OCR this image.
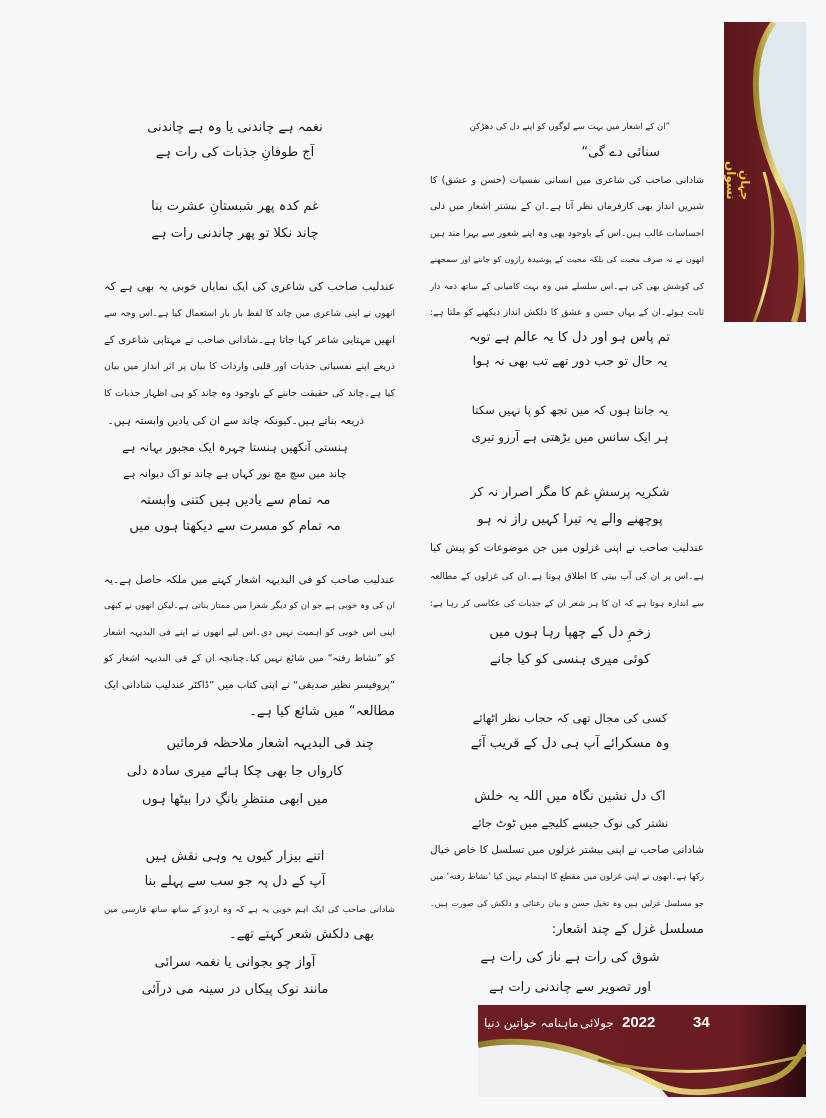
جہانِ نسواں
”ان کے اشعار میں بہت سے لوگوں کو اپنے دل کی دھڑکن
سنائی دے گی“
شادانی صاحب کی شاعری میں انسانی نفسیات (حسن و عشق) کا
شیریں انداز بھی کارفرماں نظر آتا ہے۔ان کے بیشتر اشعار میں دلی
احساسات غالب ہیں۔اس کے باوجود بھی وہ اپنے شعور سے بہرا مند ہیں
انھوں نے نہ صرف محبت کی بلکہ محبت کے پوشیدہ رازوں کو جاننے اور سمجھنے
کی کوشش بھی کی ہے۔اس سلسلے میں وہ بہت کامیابی کے ساتھ ذمہ دار
ثابت ہوئے۔ان کے یہاں حسن و عشق کا دلکش انداز دیکھنے کو ملتا ہے:
تم پاس ہو اور دل کا یہ عالم ہے توبہ
یہ حال تو جب دور تھے تب بھی نہ ہوا
یہ جانتا ہوں کہ میں تجھ کو پا نہیں سکتا
ہر ایک سانس میں بڑھتی ہے آرزو تیری
شکریہ پرسشِ غم کا مگر اصرار نہ کر
پوچھنے والے یہ تیرا کہیں راز نہ ہو
عندلیب صاحب نے اپنی غزلوں میں جن موضوعات کو پیش کیا
ہے۔اس پر ان کی آپ بیتی کا اطلاق ہوتا ہے۔ان کی غزلوں کے مطالعہ
سے اندازہ ہوتا ہے کہ ان کا ہر شعر ان کے جذبات کی عکاسی کر رہا ہے:
زخمِ دل کے چھپا رہا ہوں میں
کوئی میری ہنسی کو کیا جانے
کسی کی مجال تھی کہ حجاب نظر اٹھائے
وہ مسکرائے آپ ہی دل کے قریب آئے
اک دل نشین نگاہ میں اللہ یہ خلش
نشتر کی نوک جیسے کلیجے میں ٹوٹ جائے
شادانی صاحب نے اپنی بیشتر غزلوں میں تسلسل کا خاص خیال
رکھا ہے۔انھوں نے اپنی غزلوں میں مقطع کا اہتمام نہیں کیا ’نشاط رفتہ‘ میں
جو مسلسل غزلیں ہیں وہ تخیل حسن و بیان رعنائی و دلکش کی صورت ہیں۔
مسلسل غزل کے چند اشعار:
شوق کی رات ہے ناز کی رات ہے
اور تصویر سے چاندنی رات ہے
نغمہ ہے چاندنی یا وہ ہے چاندنی
آج طوفانِ جذبات کی رات ہے
غم کدہ پھر شبستانِ عشرت بنا
چاند نکلا تو پھر چاندنی رات ہے
عندلیب صاحب کی شاعری کی ایک نمایاں خوبی یہ بھی ہے کہ
انھوں نے اپنی شاعری میں چاند کا لفظ بار بار استعمال کیا ہے۔اس وجہ سے
انھیں مہتابی شاعر کہا جاتا ہے۔شادانی صاحب نے مہتابی شاعری کے
ذریعے اپنے نفسیاتی جذبات اور قلبی واردات کا بیان پر اثر انداز میں بیان
کیا ہے۔چاند کی حقیقت جاننے کے باوجود وہ چاند کو ہی اظہار جذبات کا
ذریعہ بناتے ہیں۔کیونکہ چاند سے ان کی یادیں وابستہ ہیں۔
ہنستی آنکھیں ہنستا چہرہ ایک مجبور بہانہ ہے
چاند میں سچ مچ نور کہاں ہے چاند تو اک دیوانہ ہے
مہ تمام سے یادیں ہیں کتنی وابستہ
مہ تمام کو مسرت سے دیکھتا ہوں میں
عندلیب صاحب کو فی البدیہہ اشعار کہنے میں ملکہ حاصل ہے۔یہ
ان کی وہ خوبی ہے جو ان کو دیگر شعرا میں ممتاز بناتی ہے۔لیکن انھوں نے کبھی
اپنی اس خوبی کو اہمیت نہیں دی۔اس لیے انھوں نے اپنے فی البدیہہ اشعار
کو ”نشاط رفتہ“ میں شائع نہیں کیا۔چنانچہ ان کے فی البدیہہ اشعار کو
”پروفیسر نظیر صدیقی“ نے اپنی کتاب میں ”ڈاکٹر عندلیب شادانی ایک
مطالعہ“ میں شائع کیا ہے۔
چند فی البدیہہ اشعار ملاحظہ فرمائیں
کارواں جا بھی چکا ہائے میری سادہ دلی
میں ابھی منتظرِ بانگِ درا بیٹھا ہوں
اتنے بیزار کیوں یہ وہی نقش ہیں
آپ کے دل پہ جو سب سے پہلے بنا
شادانی صاحب کی ایک اہم خوبی یہ ہے کہ وہ اردو کے ساتھ ساتھ فارسی میں
بھی دلکش شعر کہتے تھے۔
آواز چو بجوانی یا نغمہ سرائی
مانند نوک پیکاں در سینہ می درآئی
ماہنامہ خواتین دنیا جولائی 2022	34
